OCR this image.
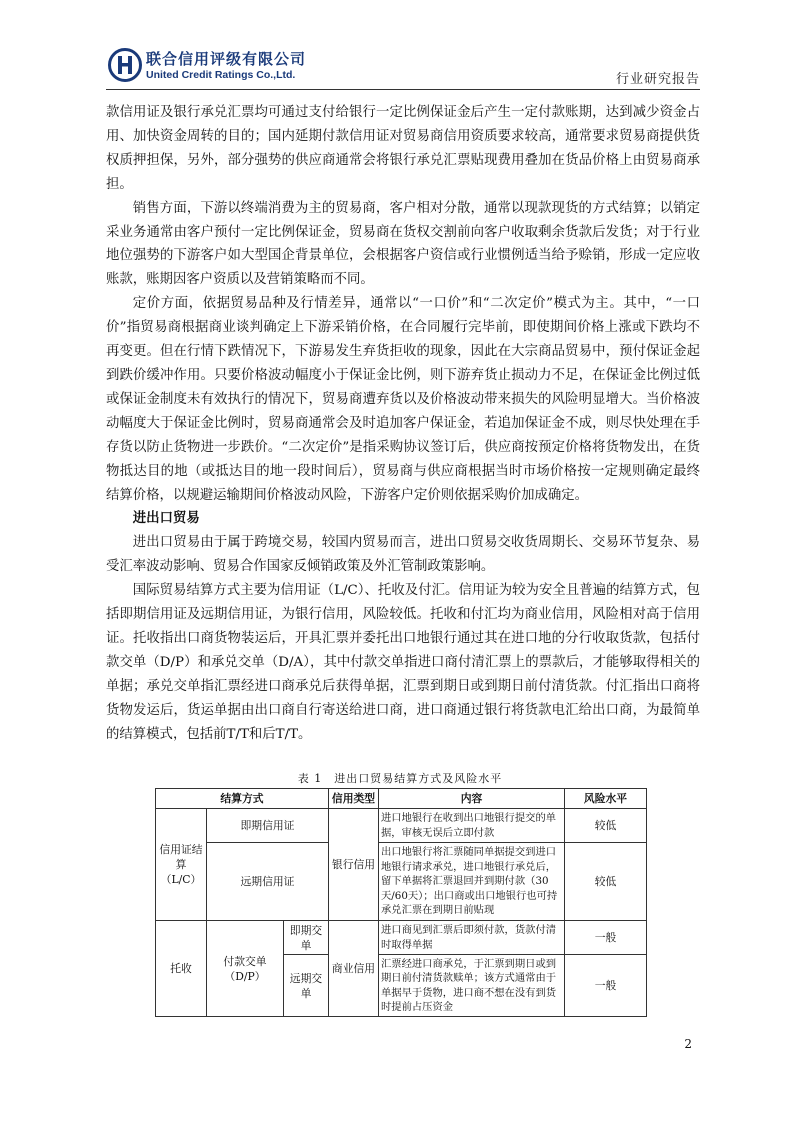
联合信用评级有限公司
United Credit Ratings Co.,Ltd.	行业研究报告

款信用证及银行承兑汇票均可通过支付给银行一定比例保证金后产生一定付款账期，达到减少资金占用、加快资金周转的目的；国内延期付款信用证对贸易商信用资质要求较高，通常要求贸易商提供货权质押担保，另外，部分强势的供应商通常会将银行承兑汇票贴现费用叠加在货品价格上由贸易商承担。

销售方面，下游以终端消费为主的贸易商，客户相对分散，通常以现款现货的方式结算；以销定采业务通常由客户预付一定比例保证金，贸易商在货权交割前向客户收取剩余货款后发货；对于行业地位强势的下游客户如大型国企背景单位，会根据客户资信或行业惯例适当给予赊销，形成一定应收账款，账期因客户资质以及营销策略而不同。

定价方面，依据贸易品种及行情差异，通常以“一口价”和“二次定价”模式为主。其中，“一口价”指贸易商根据商业谈判确定上下游采销价格，在合同履行完毕前，即使期间价格上涨或下跌均不再变更。但在行情下跌情况下，下游易发生弃货拒收的现象，因此在大宗商品贸易中，预付保证金起到跌价缓冲作用。只要价格波动幅度小于保证金比例，则下游弃货止损动力不足，在保证金比例过低或保证金制度未有效执行的情况下，贸易商遭弃货以及价格波动带来损失的风险明显增大。当价格波动幅度大于保证金比例时，贸易商通常会及时追加客户保证金，若追加保证金不成，则尽快处理在手存货以防止货物进一步跌价。“二次定价”是指采购协议签订后，供应商按预定价格将货物发出，在货物抵达目的地（或抵达目的地一段时间后），贸易商与供应商根据当时市场价格按一定规则确定最终结算价格，以规避运输期间价格波动风险，下游客户定价则依据采购价加成确定。

进出口贸易

进出口贸易由于属于跨境交易，较国内贸易而言，进出口贸易交收货周期长、交易环节复杂、易受汇率波动影响、贸易合作国家反倾销政策及外汇管制政策影响。

国际贸易结算方式主要为信用证（L/C）、托收及付汇。信用证为较为安全且普遍的结算方式，包括即期信用证及远期信用证，为银行信用，风险较低。托收和付汇均为商业信用，风险相对高于信用证。托收指出口商货物装运后，开具汇票并委托出口地银行通过其在进口地的分行收取货款，包括付款交单（D/P）和承兑交单（D/A），其中付款交单指进口商付清汇票上的票款后，才能够取得相关的单据；承兑交单指汇票经进口商承兑后获得单据，汇票到期日或到期日前付清货款。付汇指出口商将货物发运后，货运单据由出口商自行寄送给进口商，进口商通过银行将货款电汇给出口商，为最简单的结算模式，包括前T/T和后T/T。

表 1　进出口贸易结算方式及风险水平
结算方式			信用类型	内容	风险水平
信用证结算（L/C）	即期信用证		银行信用	进口地银行在收到出口地银行提交的单据，审核无误后立即付款	较低
	远期信用证			出口地银行将汇票随同单据提交到进口地银行请求承兑，进口地银行承兑后，留下单据将汇票退回并到期付款（30天/60天）；出口商或出口地银行也可持承兑汇票在到期日前贴现	较低
托收	付款交单（D/P）	即期交单	商业信用	进口商见到汇票后即须付款，货款付清时取得单据	一般
		远期交单		汇票经进口商承兑，于汇票到期日或到期日前付清货款赎单；该方式通常由于单据早于货物，进口商不想在没有到货时提前占压资金	一般
2
